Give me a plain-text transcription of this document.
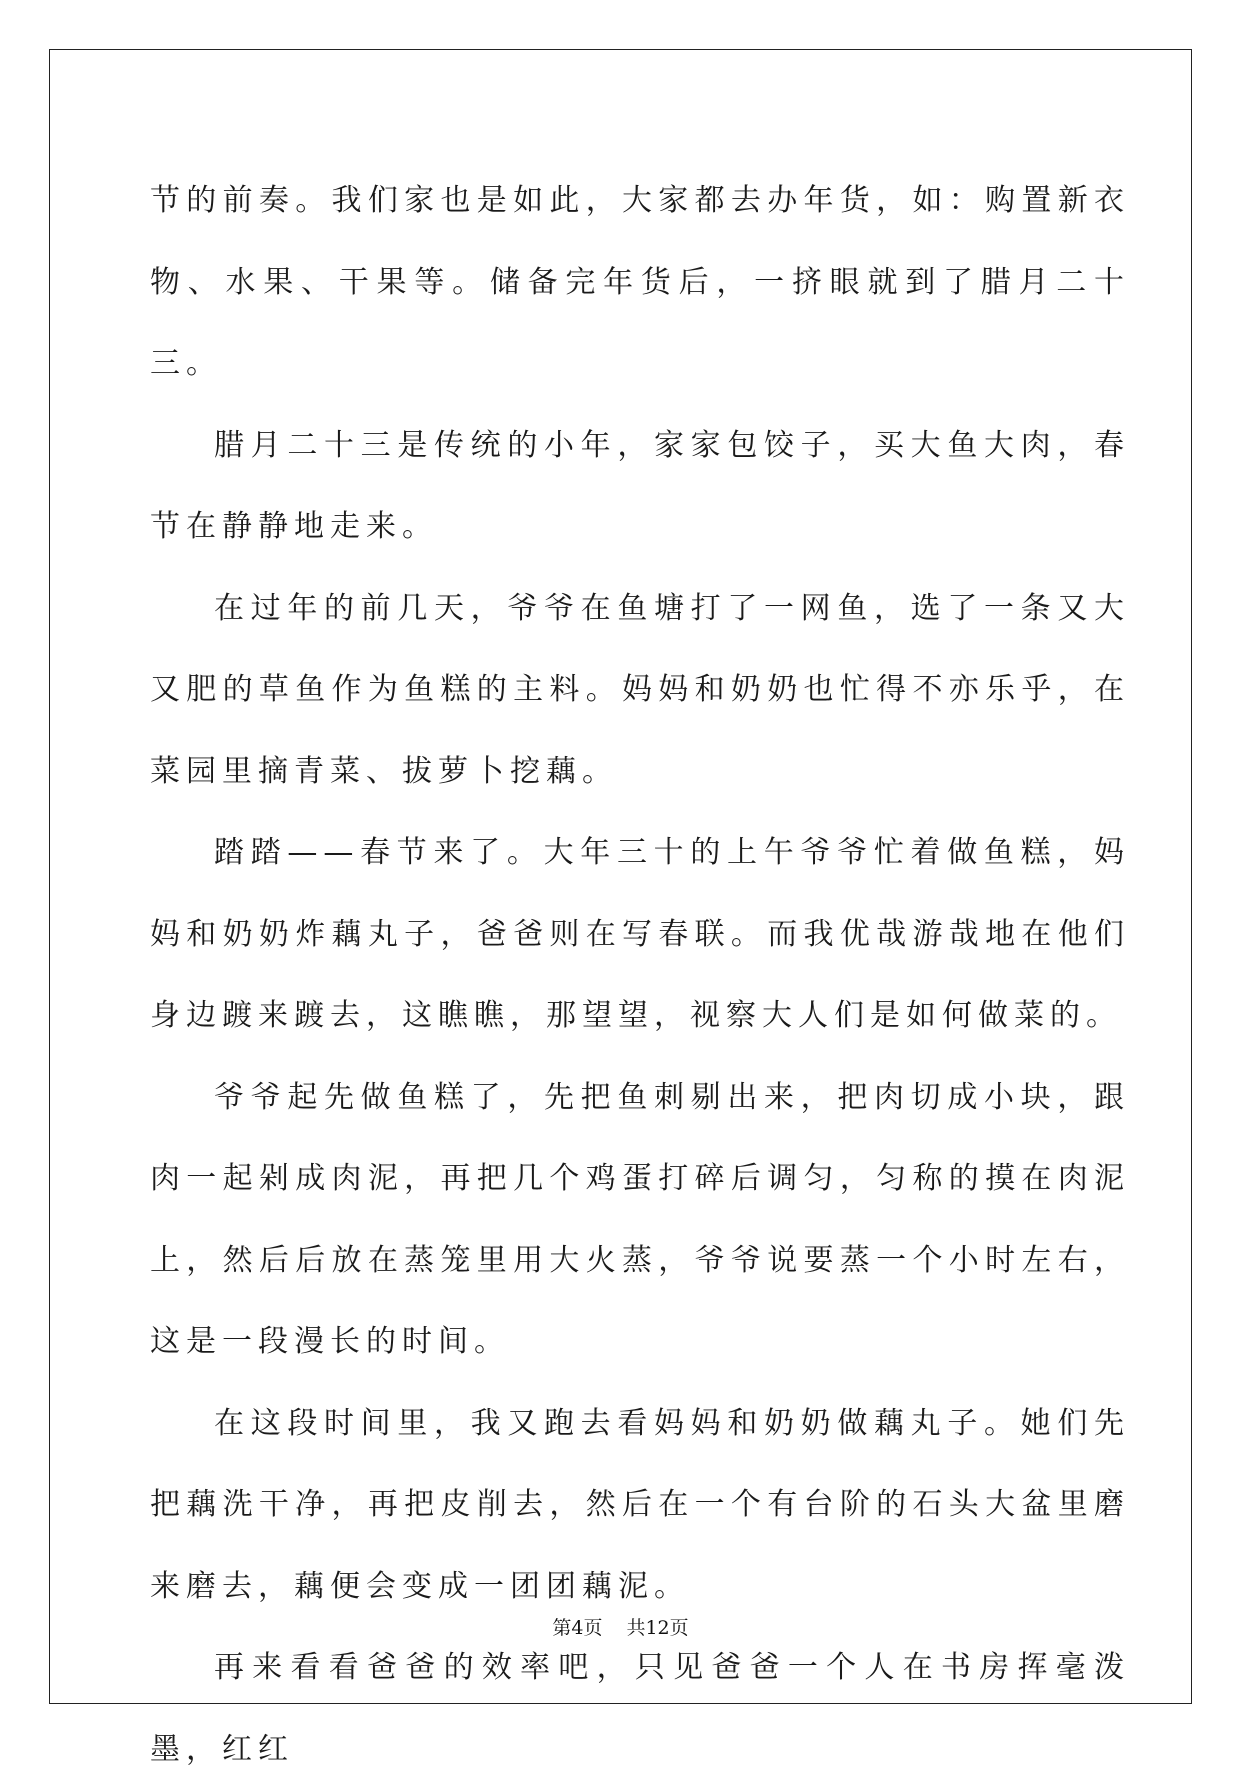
节的前奏。我们家也是如此，大家都去办年货，如：购置新衣物、水果、干果等。储备完年货后，一挤眼就到了腊月二十三。

腊月二十三是传统的小年，家家包饺子，买大鱼大肉，春节在静静地走来。

在过年的前几天，爷爷在鱼塘打了一网鱼，选了一条又大又肥的草鱼作为鱼糕的主料。妈妈和奶奶也忙得不亦乐乎，在菜园里摘青菜、拔萝卜挖藕。

踏踏——春节来了。大年三十的上午爷爷忙着做鱼糕，妈妈和奶奶炸藕丸子，爸爸则在写春联。而我优哉游哉地在他们身边踱来踱去，这瞧瞧，那望望，视察大人们是如何做菜的。

爷爷起先做鱼糕了，先把鱼刺剔出来，把肉切成小块，跟肉一起剁成肉泥，再把几个鸡蛋打碎后调匀，匀称的摸在肉泥上，然后后放在蒸笼里用大火蒸，爷爷说要蒸一个小时左右，这是一段漫长的时间。

在这段时间里，我又跑去看妈妈和奶奶做藕丸子。她们先把藕洗干净，再把皮削去，然后在一个有台阶的石头大盆里磨来磨去，藕便会变成一团团藕泥。

再来看看爸爸的效率吧，只见爸爸一个人在书房挥毫泼墨，红红

第4页 共12页
